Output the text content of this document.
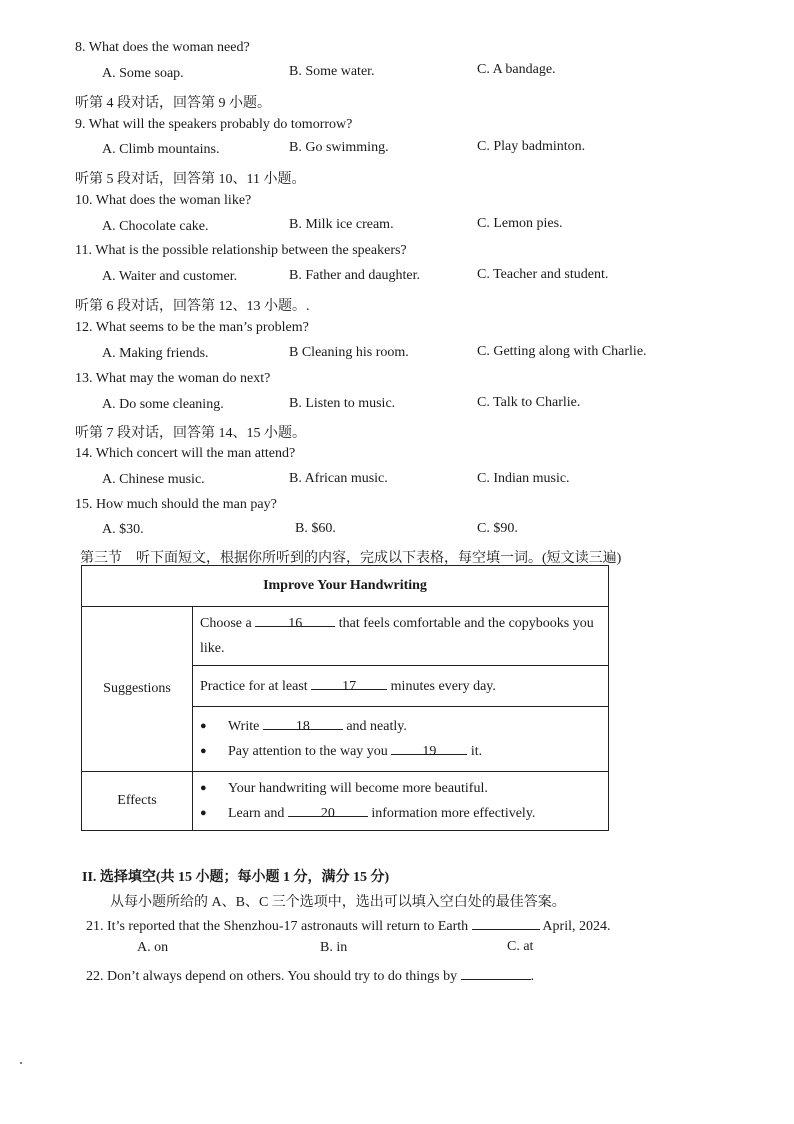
8. What does the woman need?
A. Some soap.	B. Some water.	C. A bandage.
听第 4 段对话，回答第 9 小题。
9. What will the speakers probably do tomorrow?
A. Climb mountains.	B. Go swimming.	C. Play badminton.
听第 5 段对话，回答第 10、11 小题。
10. What does the woman like?
A. Chocolate cake.	B. Milk ice cream.	C. Lemon pies.
11. What is the possible relationship between the speakers?
A. Waiter and customer.	B. Father and daughter.	C. Teacher and student.
听第 6 段对话，回答第 12、13 小题。.
12. What seems to be the man’s problem?
A. Making friends.	B Cleaning his room.	C. Getting along with Charlie.
13. What may the woman do next?
A. Do some cleaning.	B. Listen to music.	C. Talk to Charlie.
听第 7 段对话，回答第 14、15 小题。
14. Which concert will the man attend?
A. Chinese music.	B. African music.	C. Indian music.
15. How much should the man pay?
A. $30.	B. $60.	C. $90.
第三节　听下面短文，根据你所听到的内容，完成以下表格，每空填一词。(短文读三遍)
Improve Your Handwriting	
Suggestions	Choose a 16 that feels comfortable and the copybooks you like.
	Practice for at least 17 minutes every day.

	● Write 18 and neatly.
● Pay attention to the way you 19 it.

Effects	● Your handwriting will become more beautiful.
● Learn and 20 information more effectively.
II. 选择填空(共 15 小题；每小题 1 分，满分 15 分)
从每小题所给的 A、B、C 三个选项中，选出可以填入空白处的最佳答案。
21. It’s reported that the Shenzhou-17 astronauts will return to Earth	April, 2024.
A. on	B. in	C. at
22. Don’t always depend on others. You should try to do things by	.
